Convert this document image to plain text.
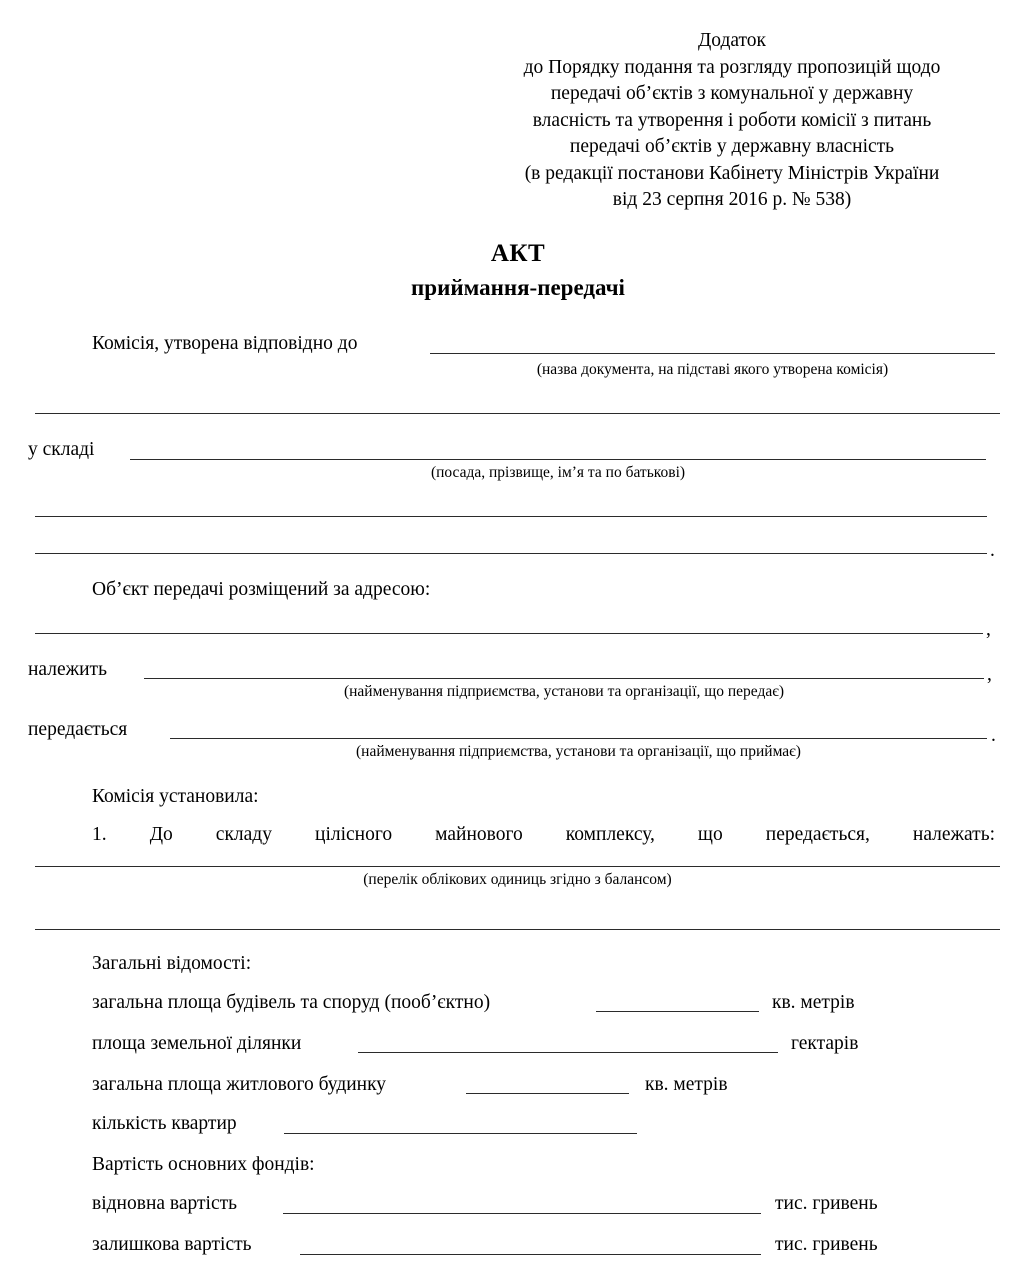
Додаток
до Порядку подання та розгляду пропозицій щодо
передачі об’єктів з комунальної у державну
власність та утворення і роботи комісії з питань
передачі об’єктів у державну власність
(в редакції постанови Кабінету Міністрів України
від 23 серпня 2016 р. № 538)
АКТ
приймання-передачі
Комісія, утворена відповідно до
(назва документа, на підставі якого утворена комісія)
у складі
(посада, прізвище, ім’я та по батькові)
.
Об’єкт передачі розміщений за адресою:
,
належить	,
(найменування підприємства, установи та організації, що передає)
передається	.
(найменування підприємства, установи та організації, що приймає)
Комісія установила:
1. До складу цілісного майнового комплексу, що передається, належать:
(перелік облікових одиниць згідно з балансом)
Загальні відомості:
загальна площа будівель та споруд (пооб’єктно)	кв. метрів
площа земельної ділянки	гектарів
загальна площа житлового будинку	кв. метрів
кількість квартир
Вартість основних фондів:
відновна вартість	тис. гривень
залишкова вартість	тис. гривень
